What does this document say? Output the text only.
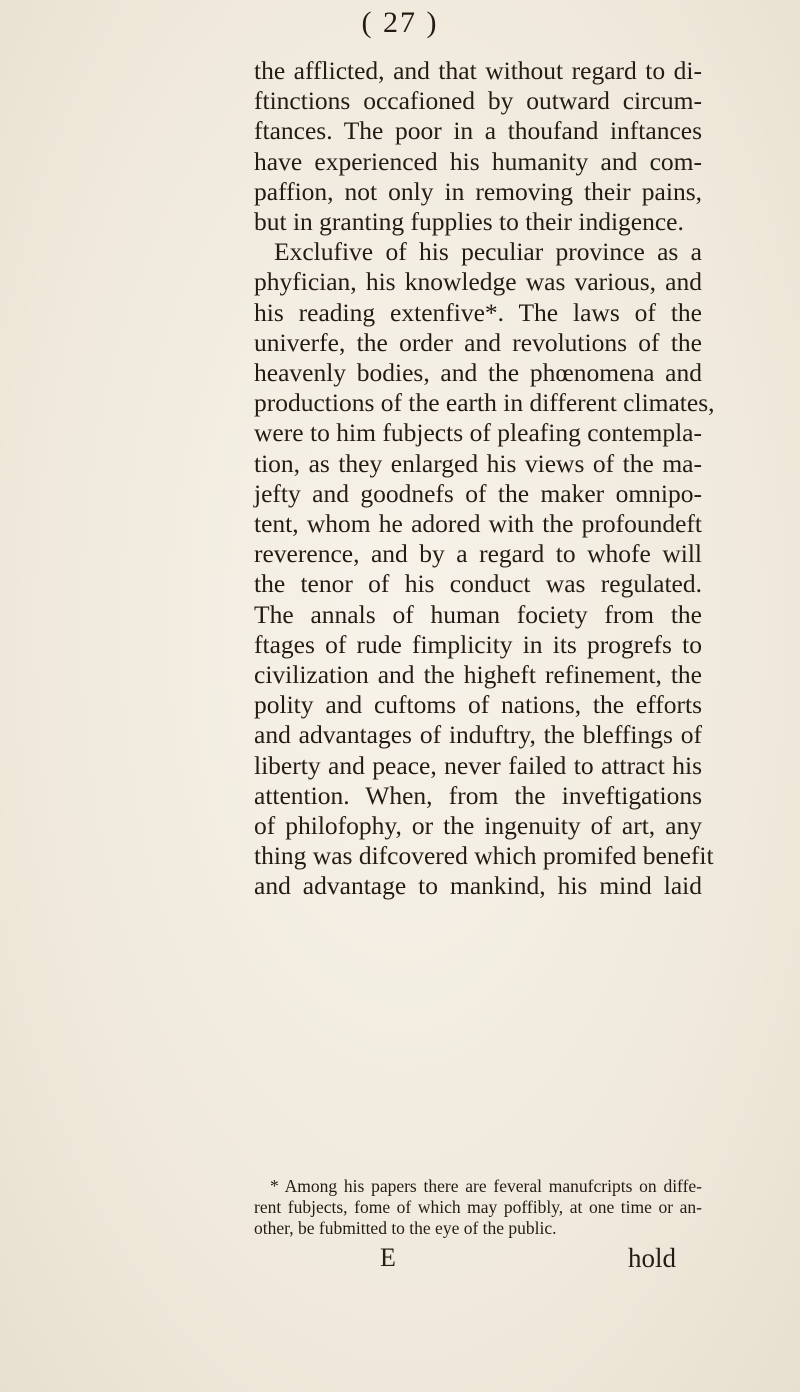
( 27 )
the afflicted, and that without regard to di-
ftinctions occafioned by outward circum-
ftances. The poor in a thoufand inftances
have experienced his humanity and com-
paffion, not only in removing their pains,
but in granting fupplies to their indigence.
Exclufive of his peculiar province as a
phyfician, his knowledge was various, and
his reading extenfive*. The laws of the
univerfe, the order and revolutions of the
heavenly bodies, and the phœnomena and
productions of the earth in different climates,
were to him fubjects of pleafing contempla-
tion, as they enlarged his views of the ma-
jefty and goodnefs of the maker omnipo-
tent, whom he adored with the profoundeft
reverence, and by a regard to whofe will
the tenor of his conduct was regulated.
The annals of human fociety from the
ftages of rude fimplicity in its progrefs to
civilization and the higheft refinement, the
polity and cuftoms of nations, the efforts
and advantages of induftry, the bleffings of
liberty and peace, never failed to attract his
attention. When, from the inveftigations
of philofophy, or the ingenuity of art, any
thing was difcovered which promifed benefit
and advantage to mankind, his mind laid
* Among his papers there are feveral manufcripts on diffe-
rent fubjects, fome of which may poffibly, at one time or an-
other, be fubmitted to the eye of the public.
E	hold
